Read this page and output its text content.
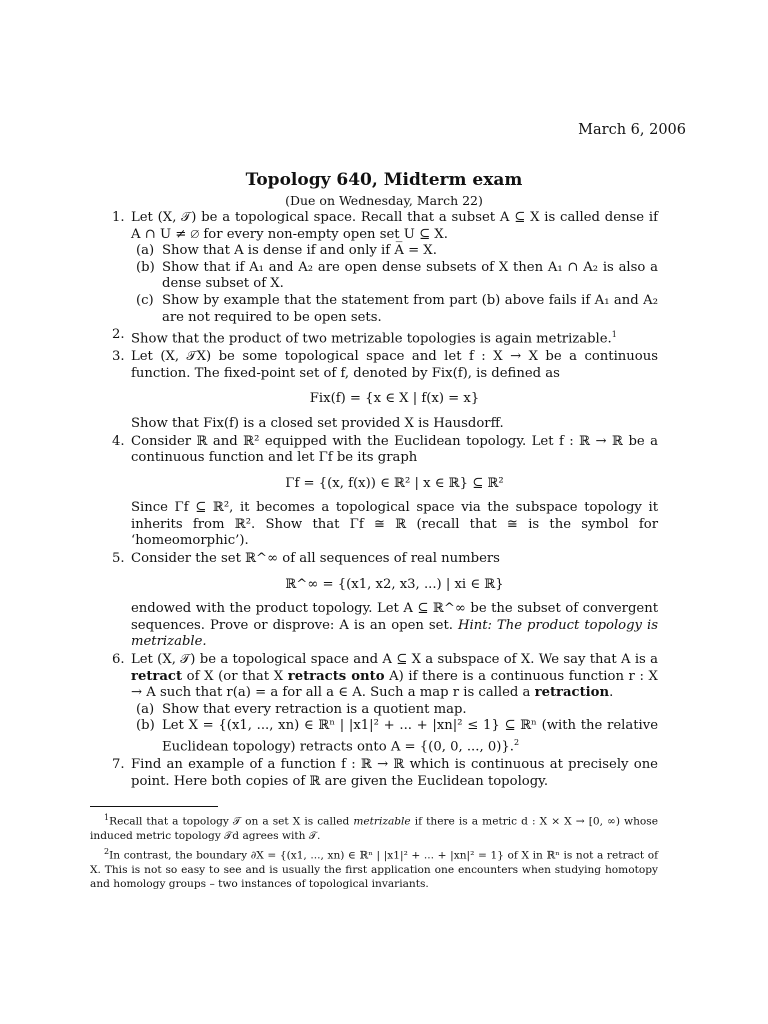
March 6, 2006
Topology 640, Midterm exam
(Due on Wednesday, March 22)
1. Let (X, 𝒯) be a topological space. Recall that a subset A ⊆ X is called dense if A ∩ U ≠ ∅ for every non-empty open set U ⊆ X.
(a) Show that A is dense if and only if A̅ = X.
(b) Show that if A₁ and A₂ are open dense subsets of X then A₁ ∩ A₂ is also a dense subset of X.
(c) Show by example that the statement from part (b) above fails if A₁ and A₂ are not required to be open sets.
2. Show that the product of two metrizable topologies is again metrizable.$^1$
3. Let (X, 𝒯X) be some topological space and let f : X → X be a continuous function. The fixed-point set of f, denoted by Fix(f), is defined as
Fix(f) = {x ∈ X | f(x) = x}
Show that Fix(f) is a closed set provided X is Hausdorff.
4. Consider ℝ and ℝ² equipped with the Euclidean topology. Let f : ℝ → ℝ be a continuous function and let Γf be its graph
Γf = {(x, f(x)) ∈ ℝ² | x ∈ ℝ} ⊆ ℝ²
Since Γf ⊆ ℝ², it becomes a topological space via the subspace topology it inherits from ℝ². Show that Γf ≅ ℝ (recall that ≅ is the symbol for ‘homeomorphic’).
5. Consider the set ℝ^∞ of all sequences of real numbers
ℝ^∞ = {(x1, x2, x3, ...) | xi ∈ ℝ}
endowed with the product topology. Let A ⊆ ℝ^∞ be the subset of convergent sequences. Prove or disprove: A is an open set. Hint: The product topology is metrizable.
6. Let (X, 𝒯) be a topological space and A ⊆ X a subspace of X. We say that A is a retract of X (or that X retracts onto A) if there is a continuous function r : X → A such that r(a) = a for all a ∈ A. Such a map r is called a retraction.
(a) Show that every retraction is a quotient map.
(b) Let X = {(x1, ..., xn) ∈ ℝⁿ | |x1|² + ... + |xn|² ≤ 1} ⊆ ℝⁿ (with the relative Euclidean topology) retracts onto A = {(0, 0, ..., 0)}.$^2$
7. Find an example of a function f : ℝ → ℝ which is continuous at precisely one point. Here both copies of ℝ are given the Euclidean topology.
$^1$Recall that a topology 𝒯 on a set X is called metrizable if there is a metric d : X × X → [0, ∞) whose induced metric topology 𝒯d agrees with 𝒯.
$^2$In contrast, the boundary ∂X = {(x1, ..., xn) ∈ ℝⁿ | |x1|² + ... + |xn|² = 1} of X in ℝⁿ is not a retract of X. This is not so easy to see and is usually the first application one encounters when studying homotopy and homology groups – two instances of topological invariants.
